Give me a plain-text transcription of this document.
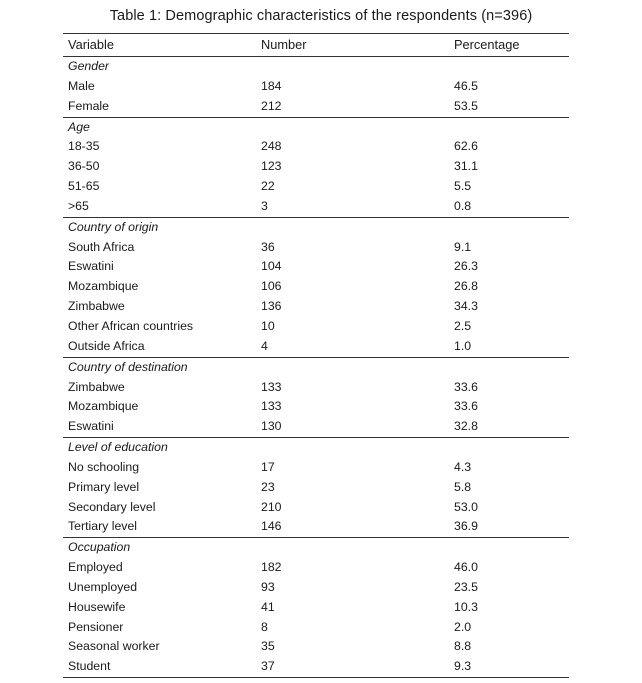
Table 1: Demographic characteristics of the respondents (n=396)
Variable	Number	Percentage
Gender		
Male	184	46.5
Female	212	53.5
Age		
18-35	248	62.6
36-50	123	31.1
51-65	22	5.5
>65	3	0.8
Country of origin		
South Africa	36	9.1
Eswatini	104	26.3
Mozambique	106	26.8
Zimbabwe	136	34.3
Other African countries	10	2.5
Outside Africa	4	1.0
Country of destination		
Zimbabwe	133	33.6
Mozambique	133	33.6
Eswatini	130	32.8
Level of education		
No schooling	17	4.3
Primary level	23	5.8
Secondary level	210	53.0
Tertiary level	146	36.9
Occupation		
Employed	182	46.0
Unemployed	93	23.5
Housewife	41	10.3
Pensioner	8	2.0
Seasonal worker	35	8.8
Student	37	9.3
